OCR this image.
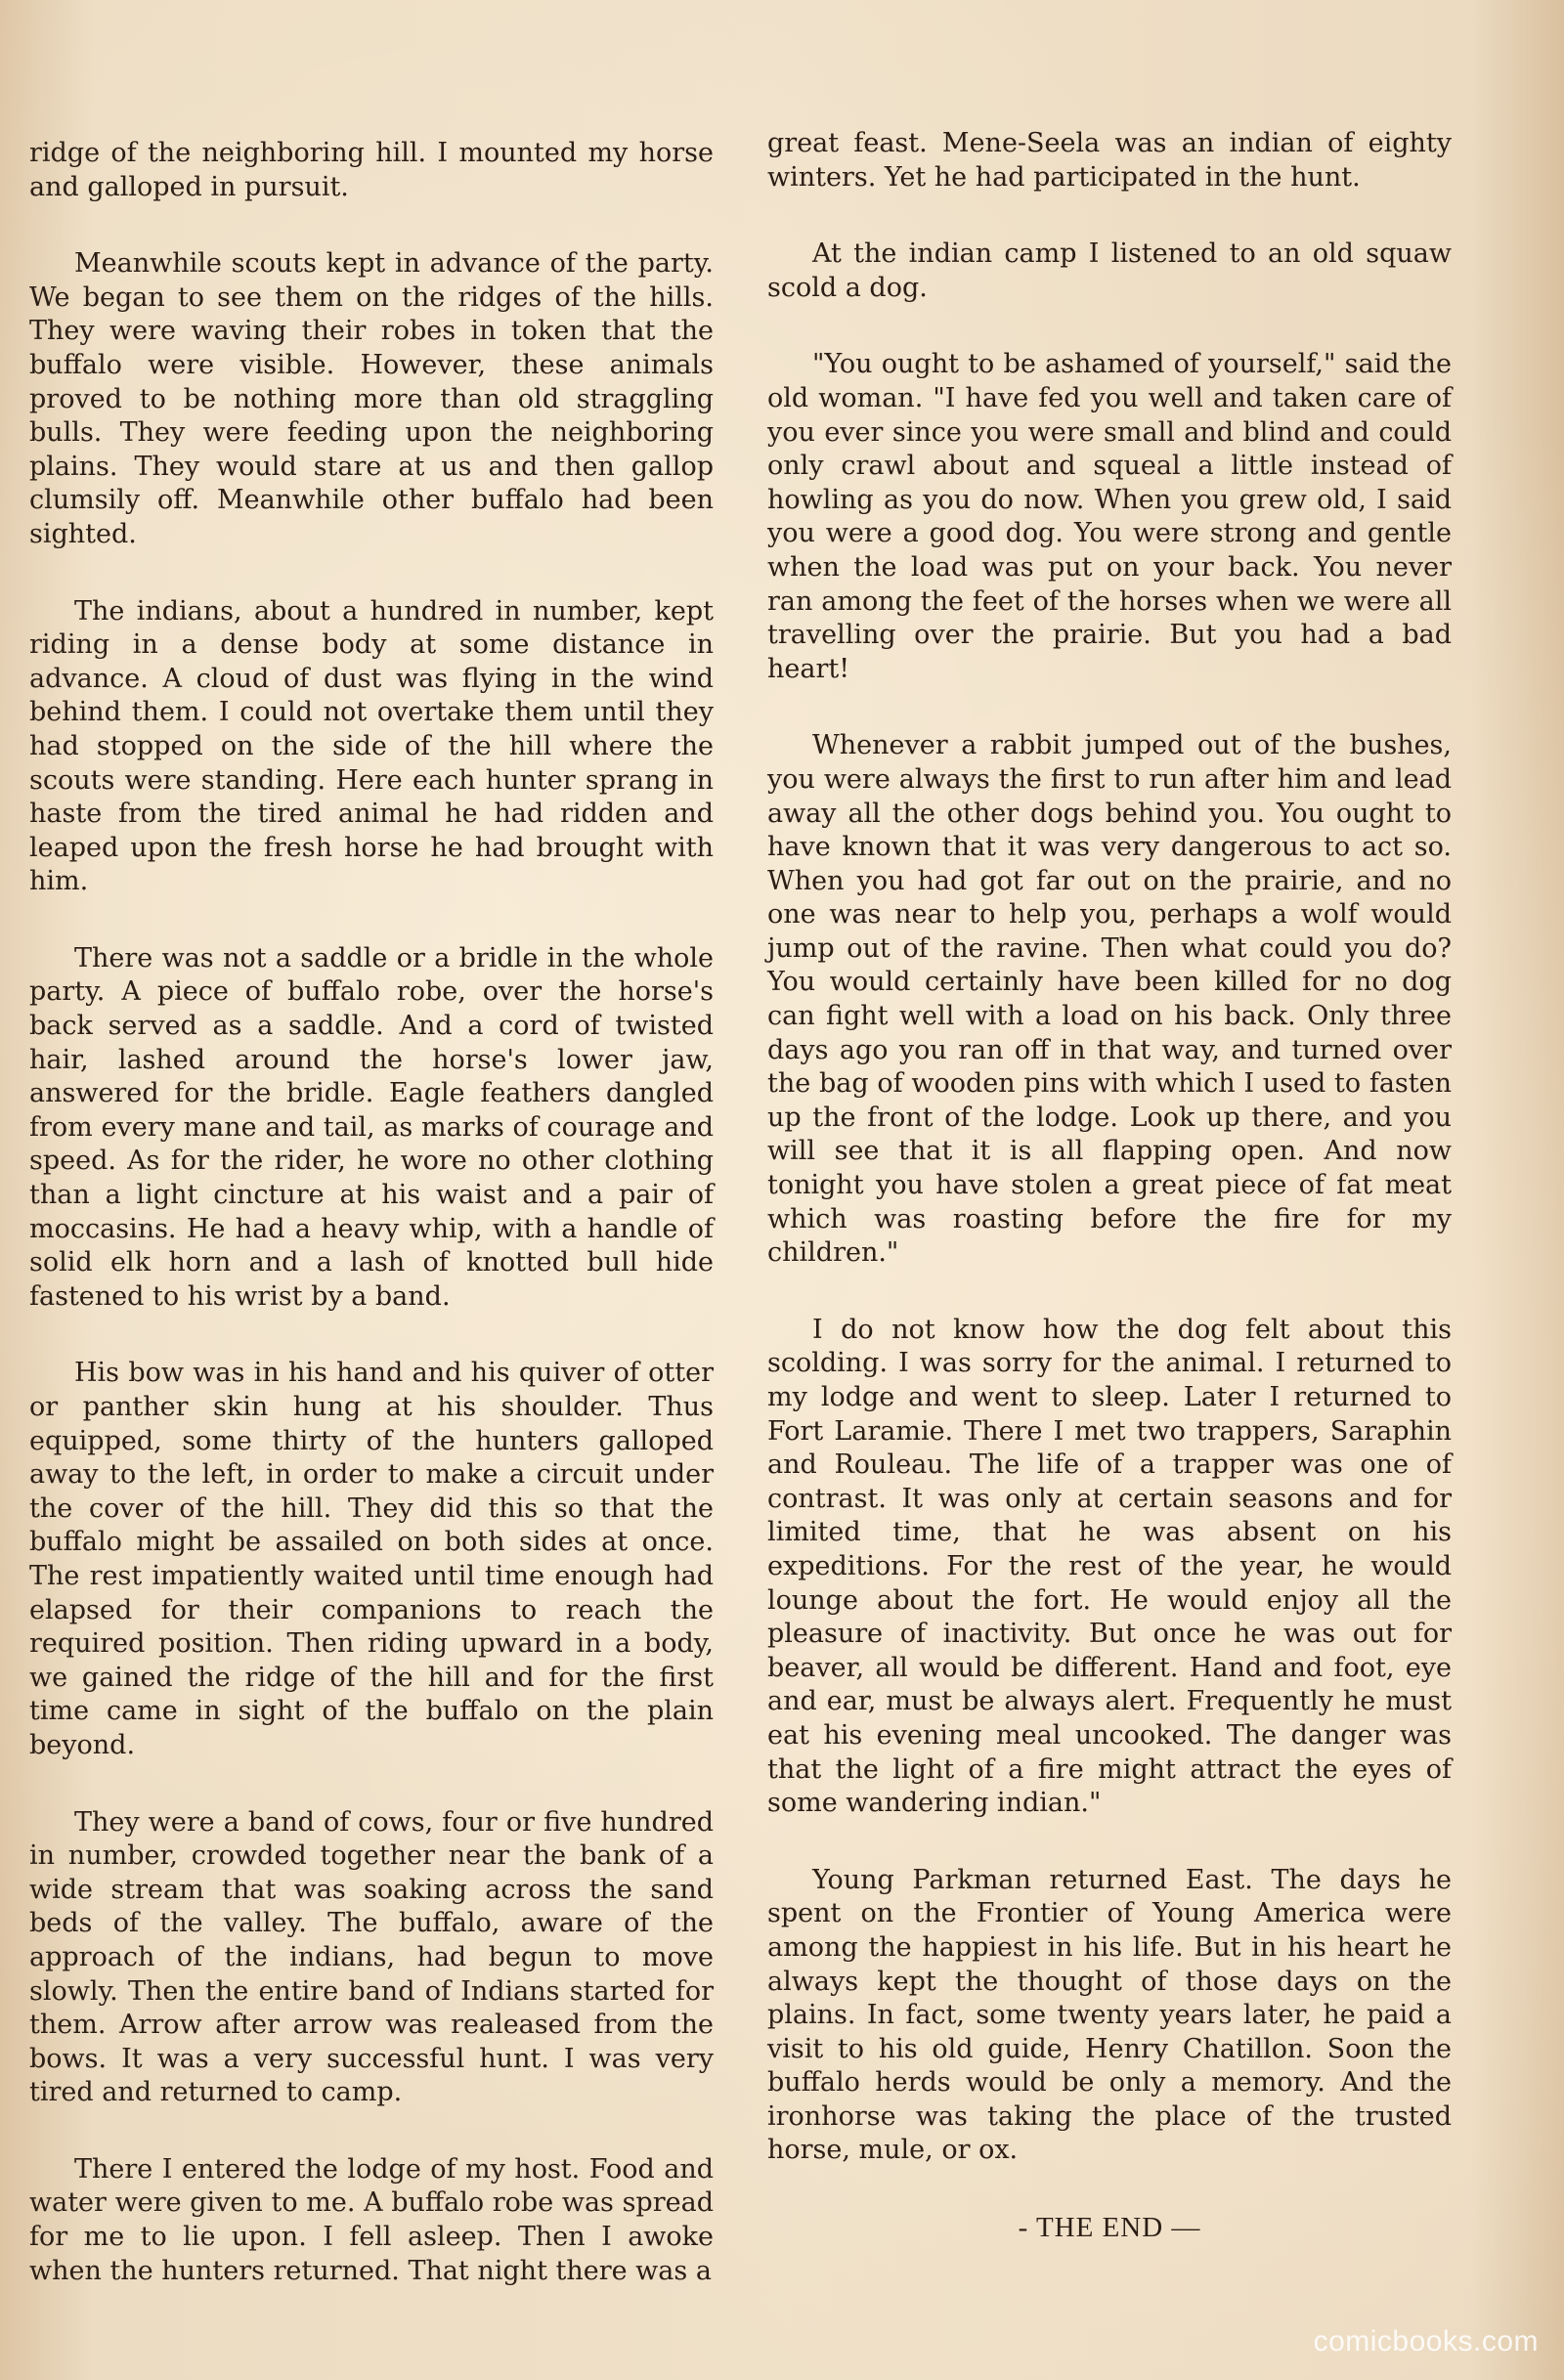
ridge of the neighboring hill. I mounted my horse and galloped in pursuit.

Meanwhile scouts kept in advance of the party. We began to see them on the ridges of the hills. They were waving their robes in token that the buffalo were visible. However, these animals proved to be nothing more than old straggling bulls. They were feeding upon the neighboring plains. They would stare at us and then gallop clumsily off. Meanwhile other buffalo had been sighted.

The indians, about a hundred in number, kept riding in a dense body at some distance in advance. A cloud of dust was flying in the wind behind them. I could not overtake them until they had stopped on the side of the hill where the scouts were standing. Here each hunter sprang in haste from the tired animal he had ridden and leaped upon the fresh horse he had brought with him.

There was not a saddle or a bridle in the whole party. A piece of buffalo robe, over the horse's back served as a saddle. And a cord of twisted hair, lashed around the horse's lower jaw, answered for the bridle. Eagle feathers dangled from every mane and tail, as marks of courage and speed. As for the rider, he wore no other clothing than a light cincture at his waist and a pair of moccasins. He had a heavy whip, with a handle of solid elk horn and a lash of knotted bull hide fastened to his wrist by a band.

His bow was in his hand and his quiver of otter or panther skin hung at his shoulder. Thus equipped, some thirty of the hunters galloped away to the left, in order to make a circuit under the cover of the hill. They did this so that the buffalo might be assailed on both sides at once. The rest impatiently waited until time enough had elapsed for their companions to reach the required position. Then riding upward in a body, we gained the ridge of the hill and for the first time came in sight of the buffalo on the plain beyond.

They were a band of cows, four or five hundred in number, crowded together near the bank of a wide stream that was soaking across the sand beds of the valley. The buffalo, aware of the approach of the indians, had begun to move slowly. Then the entire band of Indians started for them. Arrow after arrow was realeased from the bows. It was a very successful hunt. I was very tired and returned to camp.

There I entered the lodge of my host. Food and water were given to me. A buffalo robe was spread for me to lie upon. I fell asleep. Then I awoke when the hunters returned. That night there was a

great feast. Mene-Seela was an indian of eighty winters. Yet he had participated in the hunt.

At the indian camp I listened to an old squaw scold a dog.

"You ought to be ashamed of yourself," said the old woman. "I have fed you well and taken care of you ever since you were small and blind and could only crawl about and squeal a little instead of howling as you do now. When you grew old, I said you were a good dog. You were strong and gentle when the load was put on your back. You never ran among the feet of the horses when we were all travelling over the prairie. But you had a bad heart!

Whenever a rabbit jumped out of the bushes, you were always the first to run after him and lead away all the other dogs behind you. You ought to have known that it was very dangerous to act so. When you had got far out on the prairie, and no one was near to help you, perhaps a wolf would jump out of the ravine. Then what could you do? You would certainly have been killed for no dog can fight well with a load on his back. Only three days ago you ran off in that way, and turned over the bag of wooden pins with which I used to fasten up the front of the lodge. Look up there, and you will see that it is all flapping open. And now tonight you have stolen a great piece of fat meat which was roasting before the fire for my children."

I do not know how the dog felt about this scolding. I was sorry for the animal. I returned to my lodge and went to sleep. Later I returned to Fort Laramie. There I met two trappers, Saraphin and Rouleau. The life of a trapper was one of contrast. It was only at certain seasons and for limited time, that he was absent on his expeditions. For the rest of the year, he would lounge about the fort. He would enjoy all the pleasure of inactivity. But once he was out for beaver, all would be different. Hand and foot, eye and ear, must be always alert. Frequently he must eat his evening meal uncooked. The danger was that the light of a fire might attract the eyes of some wandering indian."

Young Parkman returned East. The days he spent on the Frontier of Young America were among the happiest in his life. But in his heart he always kept the thought of those days on the plains. In fact, some twenty years later, he paid a visit to his old guide, Henry Chatillon. Soon the buffalo herds would be only a memory. And the ironhorse was taking the place of the trusted horse, mule, or ox.

- THE END —

comicbooks.com
